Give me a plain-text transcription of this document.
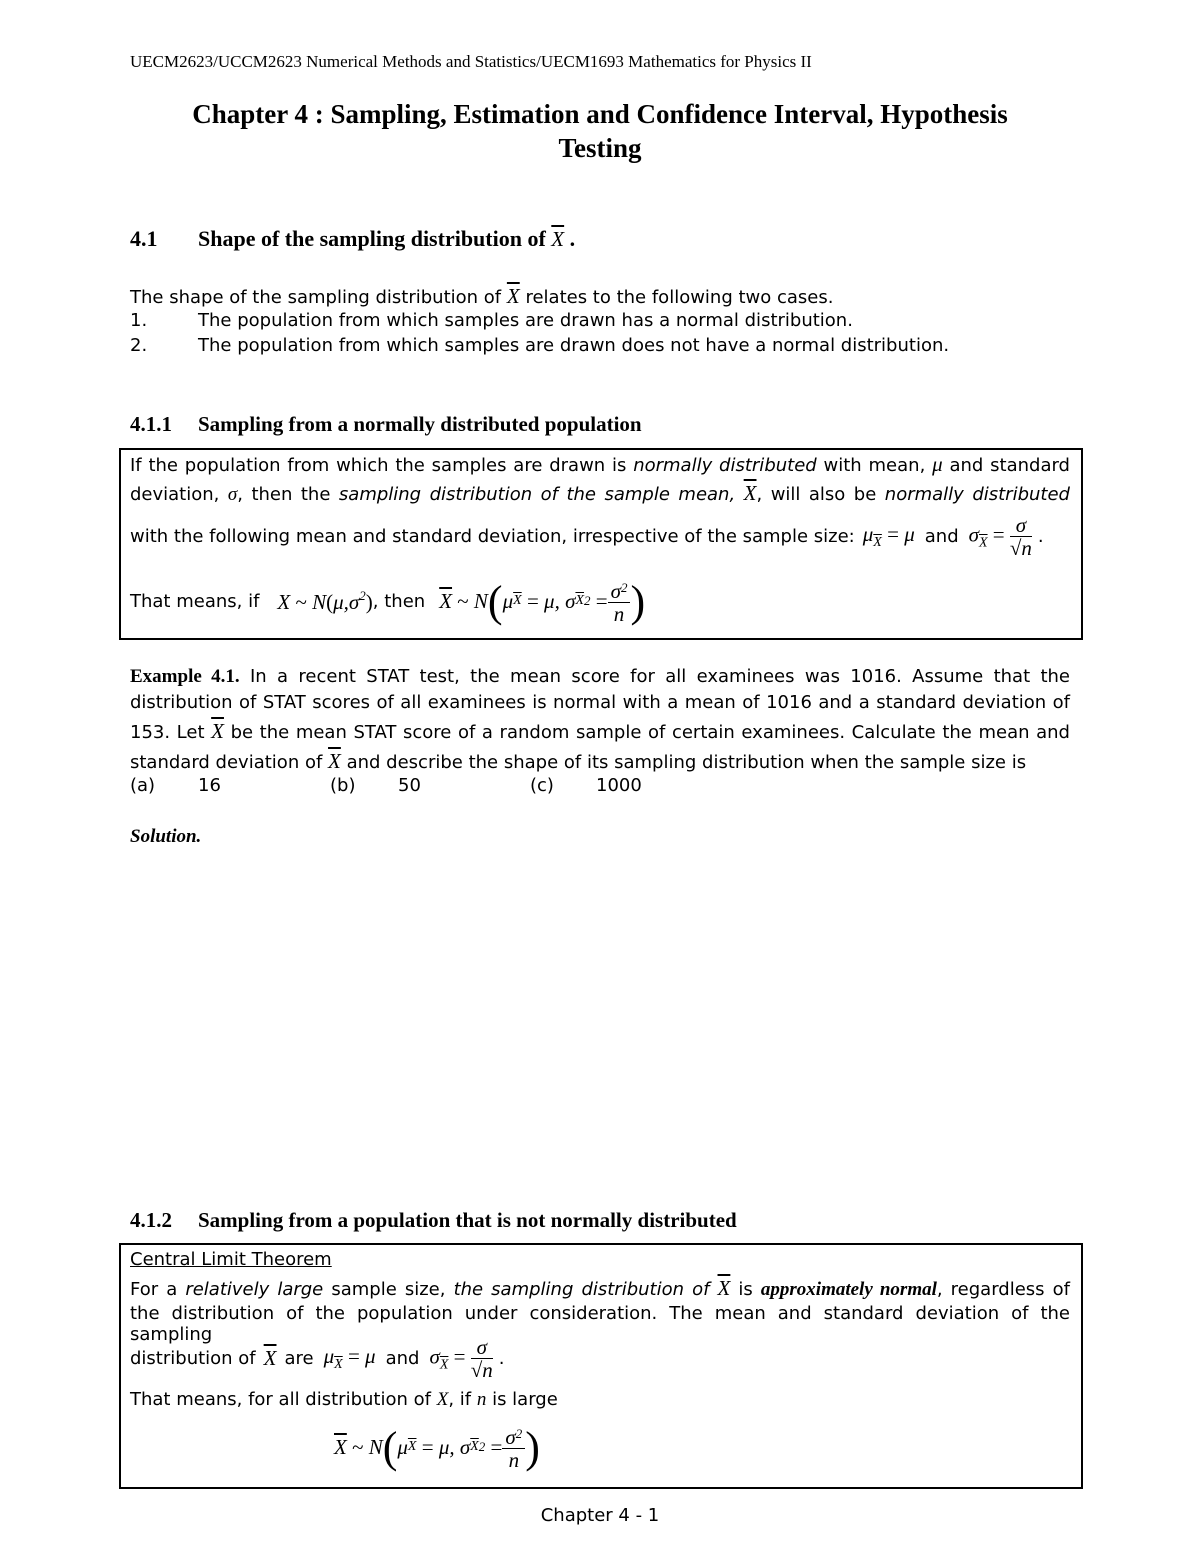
UECM2623/UCCM2623 Numerical Methods and Statistics/UECM1693 Mathematics for Physics II
Chapter 4 : Sampling, Estimation and Confidence Interval, Hypothesis
Testing
4.1 Shape of the sampling distribution of $\overline{X}$ .
The shape of the sampling distribution of $\overline{X}$ relates to the following two cases.
1.	The population from which samples are drawn has a normal distribution.
2.	The population from which samples are drawn does not have a normal distribution.
4.1.1 Sampling from a normally distributed population
If the population from which the samples are drawn is normally distributed with mean, μ and standard
deviation, σ, then the sampling distribution of the sample mean, $\overline{X}$, will also be normally distributed
with the following mean and standard deviation, irrespective of the sample size: $\mu_{\overline{X}} = \mu$ and $\sigma_{\overline{X}} = \frac{\sigma}{√n}$ .
That means, if X ~ $N(\mu,\sigma^2)$ , then $\overline{X}$
~ N ( μ $\overline{X}$
= μ, σ $\overline{X}$ 2
= $\frac{\sigma^2}{n}$ )
Example 4.1. In a recent STAT test, the mean score for all examinees was 1016. Assume that the
distribution of STAT scores of all examinees is normal with a mean of 1016 and a standard deviation of
153. Let $\overline{X}$ be the mean STAT score of a random sample of certain examinees. Calculate the mean and
standard deviation of $\overline{X}$ and describe the shape of its sampling distribution when the sample size is
(a) 16	(b) 50	(c) 1000
Solution.
4.1.2 Sampling from a population that is not normally distributed
Central Limit Theorem
For a relatively large sample size, the sampling distribution of $\overline{X}$ is approximately normal, regardless of
the distribution of the population under consideration. The mean and standard deviation of the sampling
distribution of $\overline{X}$ are $\mu_{\overline{X}} = \mu$ and $\sigma_{\overline{X}} = \frac{\sigma}{√n}$ .
That means, for all distribution of X, if n is large
$\overline{X}$
~ N ( μ $\overline{X}$
= μ, σ $\overline{X}$ 2
= $\frac{\sigma^2}{n}$ )
Chapter 4 - 1
